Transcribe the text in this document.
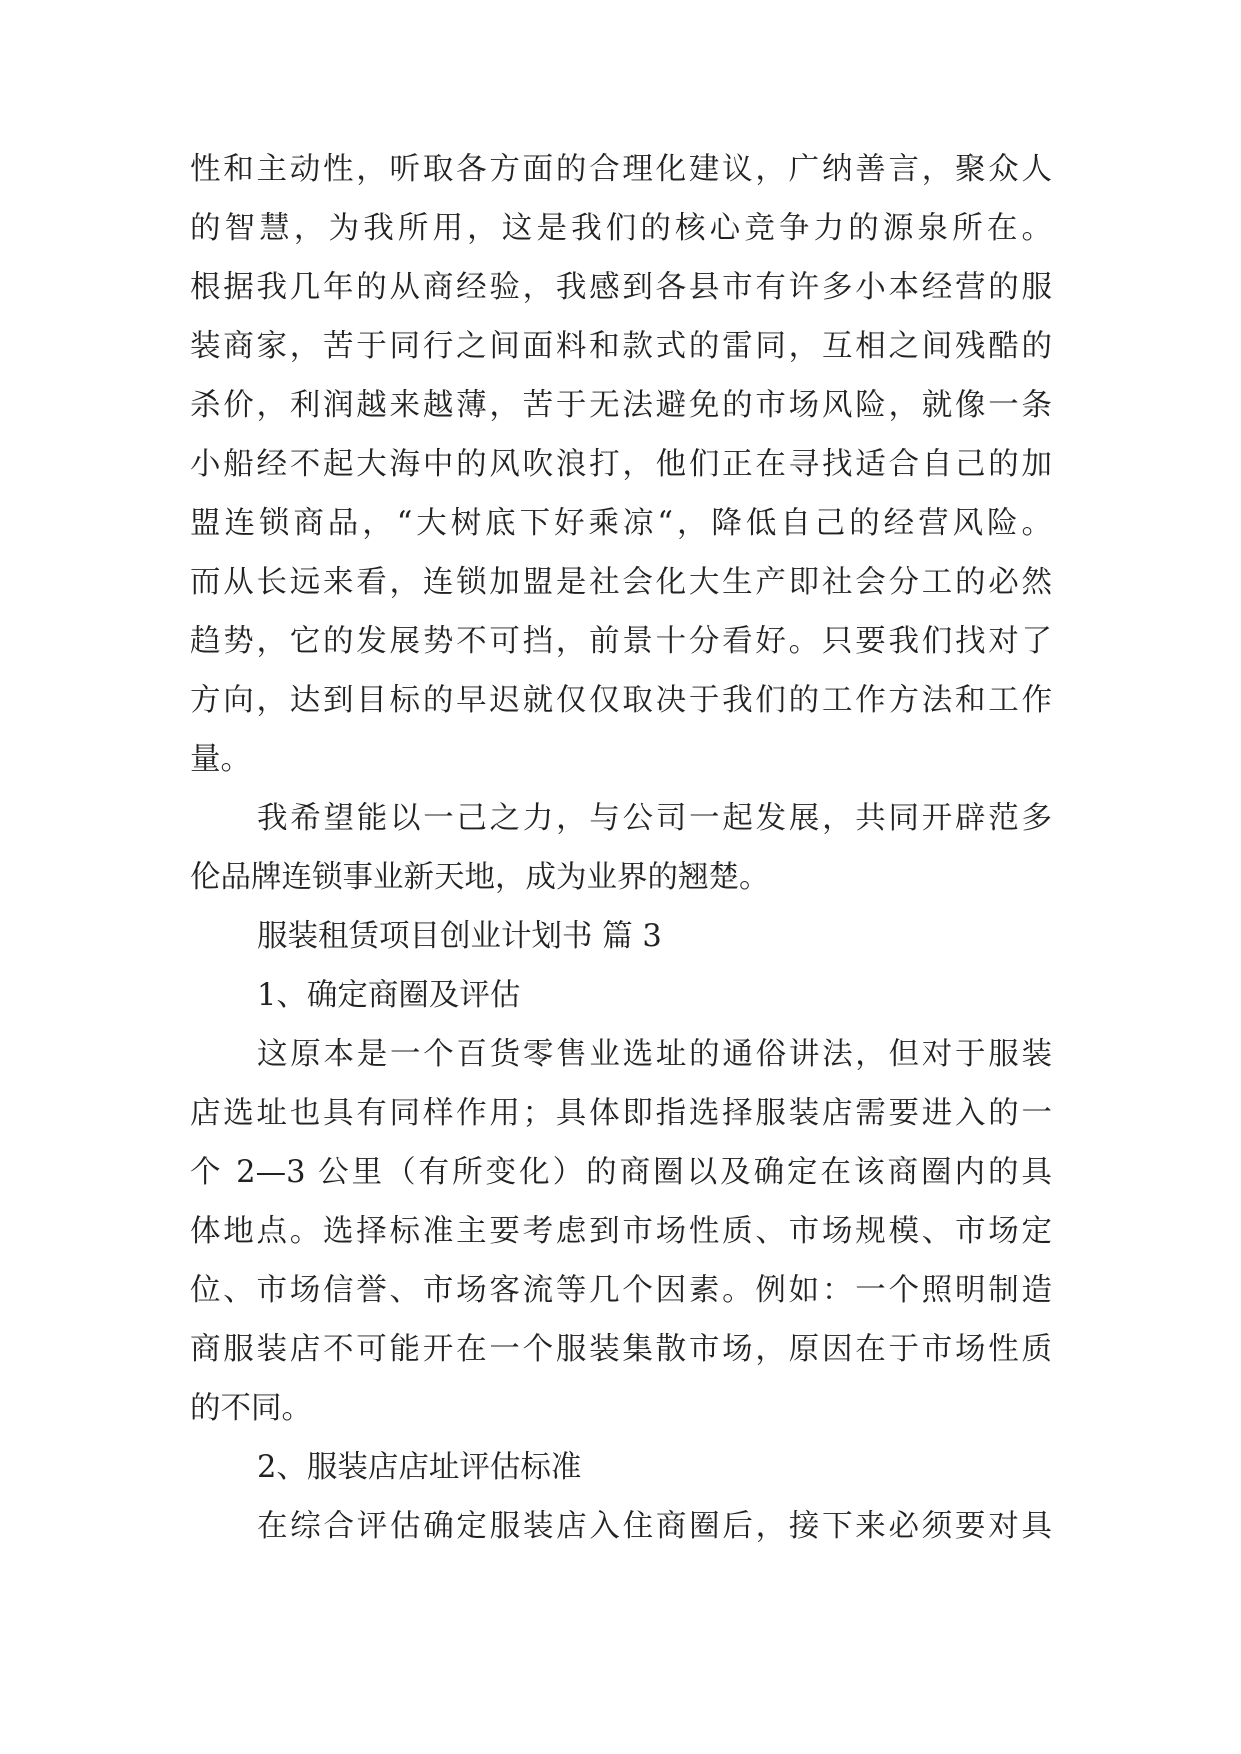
性和主动性，听取各方面的合理化建议，广纳善言，聚众人
的智慧，为我所用，这是我们的核心竞争力的源泉所在。
根据我几年的从商经验，我感到各县市有许多小本经营的服
装商家，苦于同行之间面料和款式的雷同，互相之间残酷的
杀价，利润越来越薄，苦于无法避免的市场风险，就像一条
小船经不起大海中的风吹浪打，他们正在寻找适合自己的加
盟连锁商品，“大树底下好乘凉“，降低自己的经营风险。
而从长远来看，连锁加盟是社会化大生产即社会分工的必然
趋势，它的发展势不可挡，前景十分看好。只要我们找对了
方向，达到目标的早迟就仅仅取决于我们的工作方法和工作
量。
我希望能以一己之力，与公司一起发展，共同开辟范多
伦品牌连锁事业新天地，成为业界的翘楚。
服装租赁项目创业计划书 篇 3
1、确定商圈及评估
这原本是一个百货零售业选址的通俗讲法，但对于服装
店选址也具有同样作用；具体即指选择服装店需要进入的一
个 2—3 公里（有所变化）的商圈以及确定在该商圈内的具
体地点。选择标准主要考虑到市场性质、市场规模、市场定
位、市场信誉、市场客流等几个因素。例如：一个照明制造
商服装店不可能开在一个服装集散市场，原因在于市场性质
的不同。
2、服装店店址评估标准
在综合评估确定服装店入住商圈后，接下来必须要对具
